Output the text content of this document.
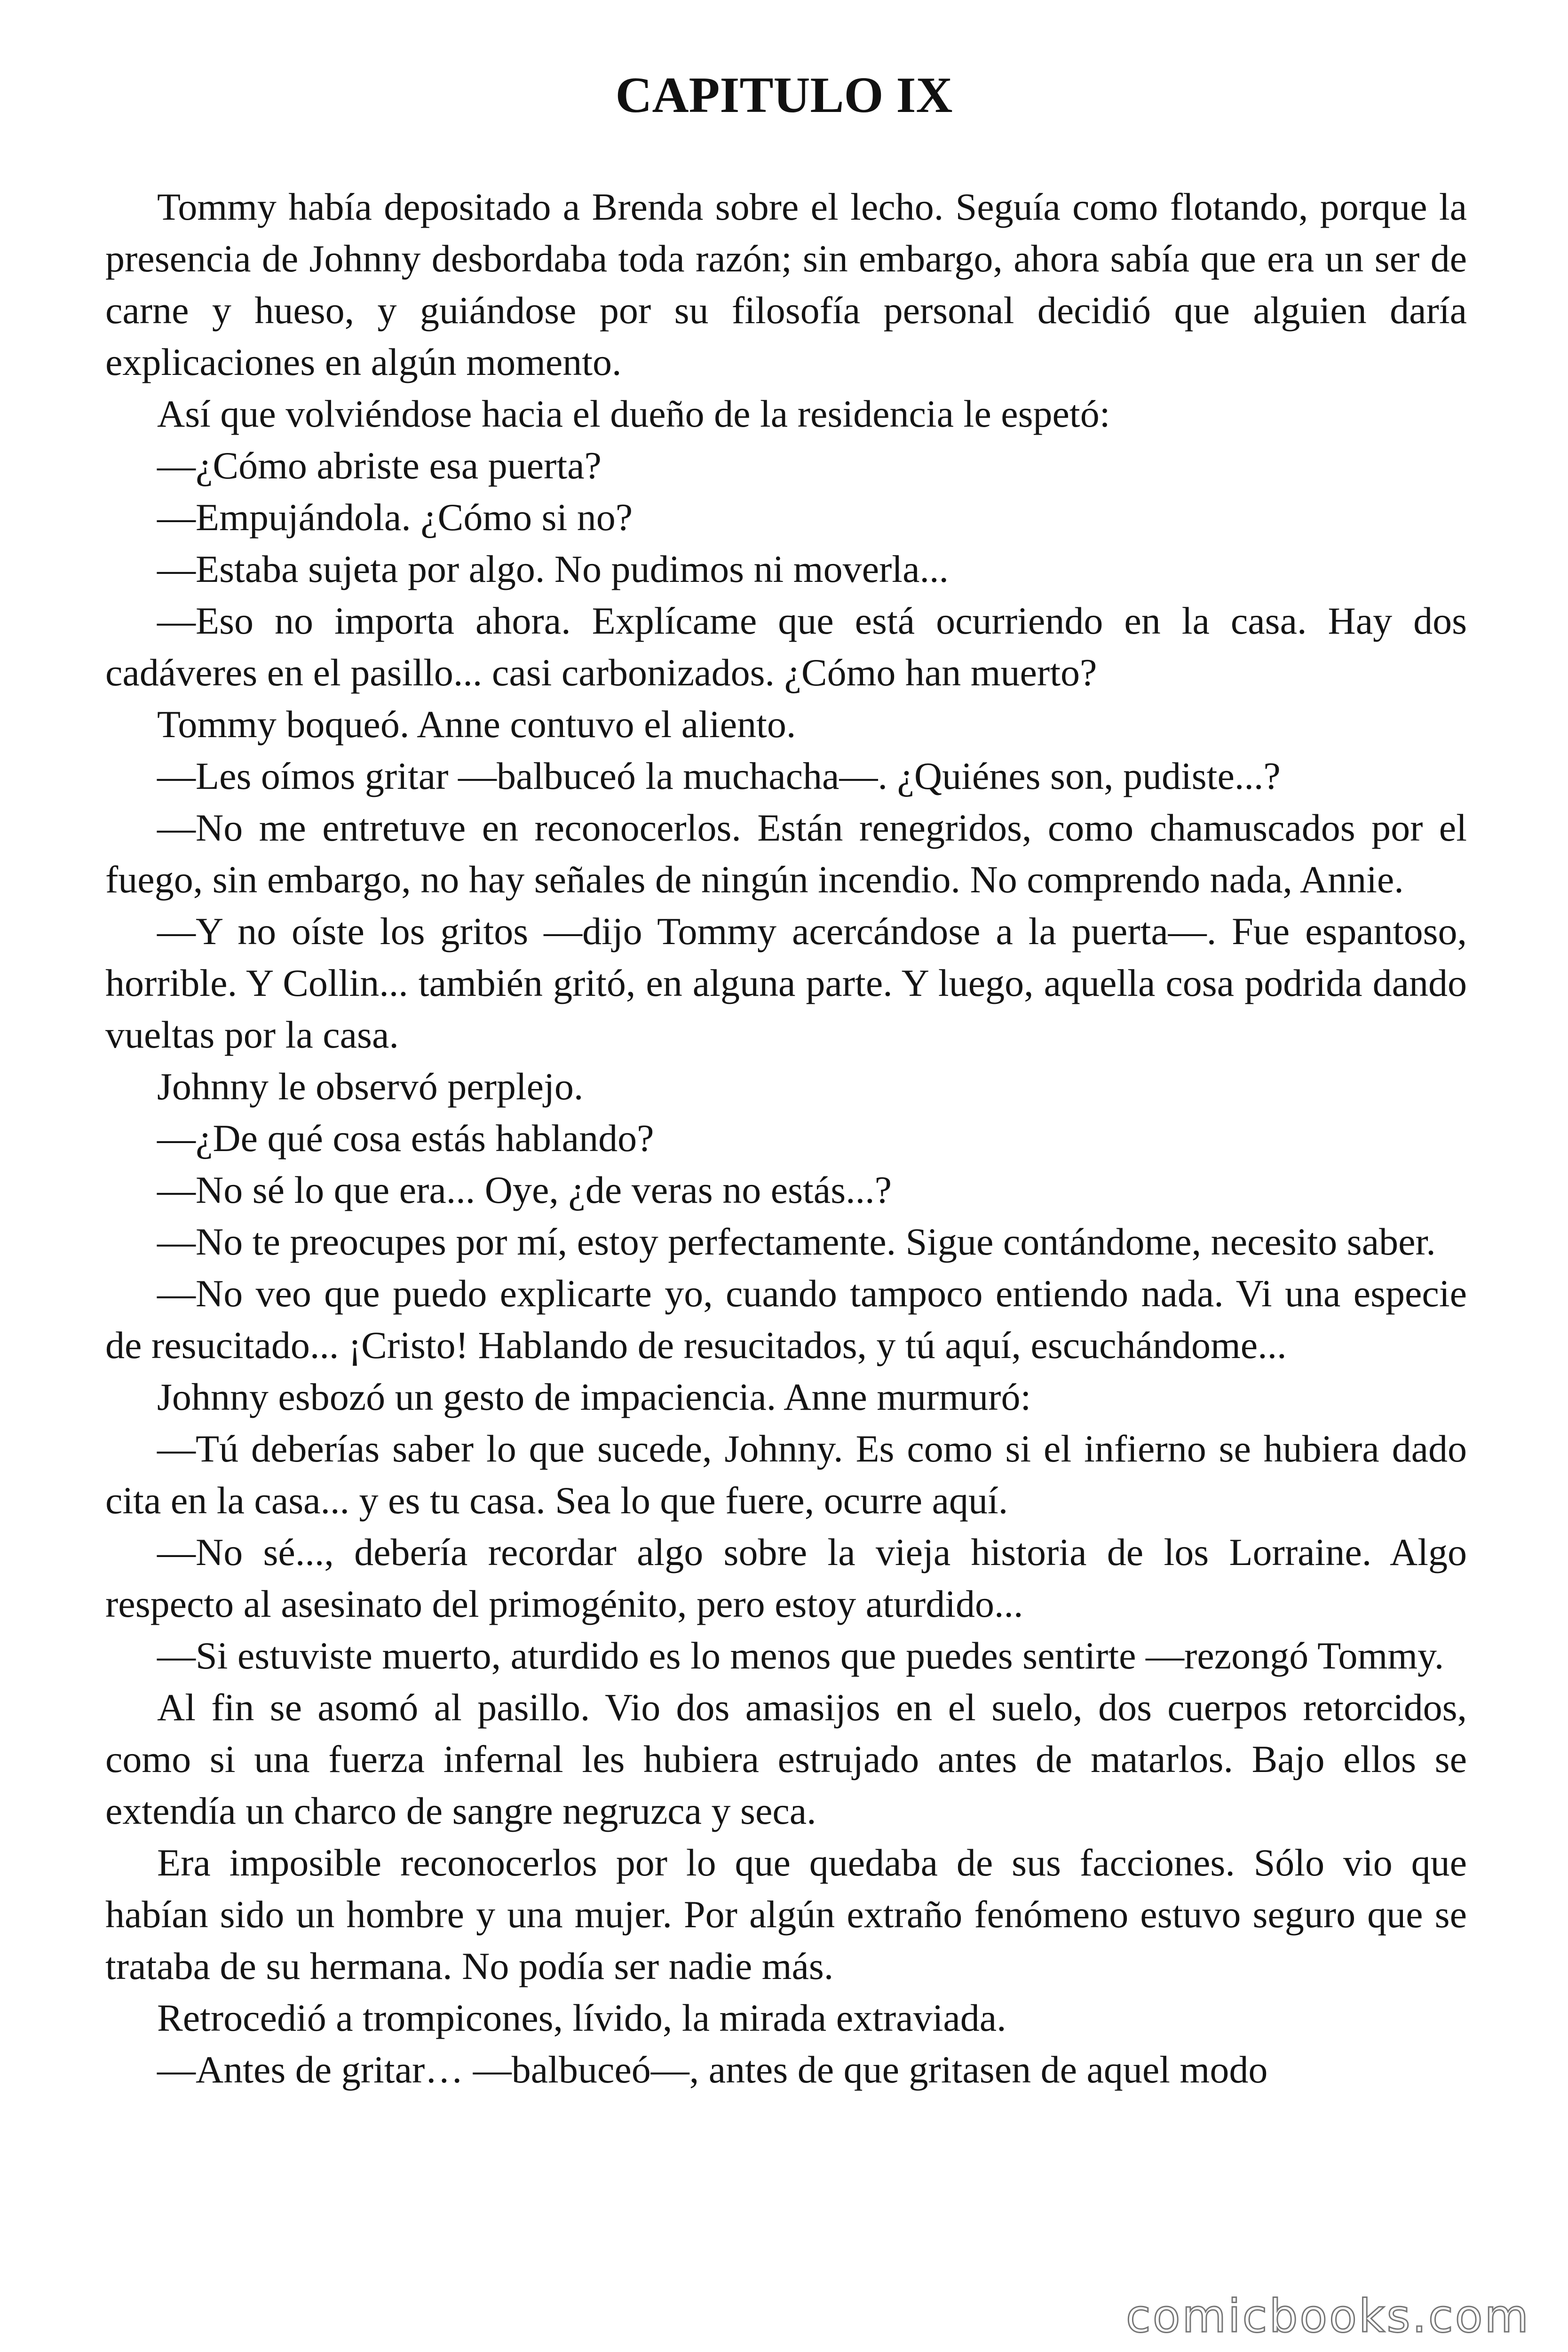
CAPITULO IX

Tommy había depositado a Brenda sobre el lecho. Seguía como flotando, porque la presencia de Johnny desbordaba toda razón; sin embargo, ahora sabía que era un ser de carne y hueso, y guiándose por su filosofía personal decidió que alguien daría explicaciones en algún momento.

Así que volviéndose hacia el dueño de la residencia le espetó:

—¿Cómo abriste esa puerta?

—Empujándola. ¿Cómo si no?

—Estaba sujeta por algo. No pudimos ni moverla...

—Eso no importa ahora. Explícame que está ocurriendo en la casa. Hay dos cadáveres en el pasillo... casi carbonizados. ¿Cómo han muerto?

Tommy boqueó. Anne contuvo el aliento.

—Les oímos gritar —balbuceó la muchacha—. ¿Quiénes son, pudiste...?

—No me entretuve en reconocerlos. Están renegridos, como chamuscados por el fuego, sin embargo, no hay señales de ningún incendio. No comprendo nada, Annie.

—Y no oíste los gritos —dijo Tommy acercándose a la puerta—. Fue espantoso, horrible. Y Collin... también gritó, en alguna parte. Y luego, aquella cosa podrida dando vueltas por la casa.

Johnny le observó perplejo.

—¿De qué cosa estás hablando?

—No sé lo que era... Oye, ¿de veras no estás...?

—No te preocupes por mí, estoy perfectamente. Sigue contándome, necesito saber.

—No veo que puedo explicarte yo, cuando tampoco entiendo nada. Vi una especie de resucitado... ¡Cristo! Hablando de resucitados, y tú aquí, escuchándome...

Johnny esbozó un gesto de impaciencia. Anne murmuró:

—Tú deberías saber lo que sucede, Johnny. Es como si el infierno se hubiera dado cita en la casa... y es tu casa. Sea lo que fuere, ocurre aquí.

—No sé..., debería recordar algo sobre la vieja historia de los Lorraine. Algo respecto al asesinato del primogénito, pero estoy aturdido...

—Si estuviste muerto, aturdido es lo menos que puedes sentirte —rezongó Tommy.

Al fin se asomó al pasillo. Vio dos amasijos en el suelo, dos cuerpos retorcidos, como si una fuerza infernal les hubiera estrujado antes de matarlos. Bajo ellos se extendía un charco de sangre negruzca y seca.

Era imposible reconocerlos por lo que quedaba de sus facciones. Sólo vio que habían sido un hombre y una mujer. Por algún extraño fenómeno estuvo seguro que se trataba de su hermana. No podía ser nadie más.

Retrocedió a trompicones, lívido, la mirada extraviada.

—Antes de gritar… —balbuceó—, antes de que gritasen de aquel modo

comicbooks.com
